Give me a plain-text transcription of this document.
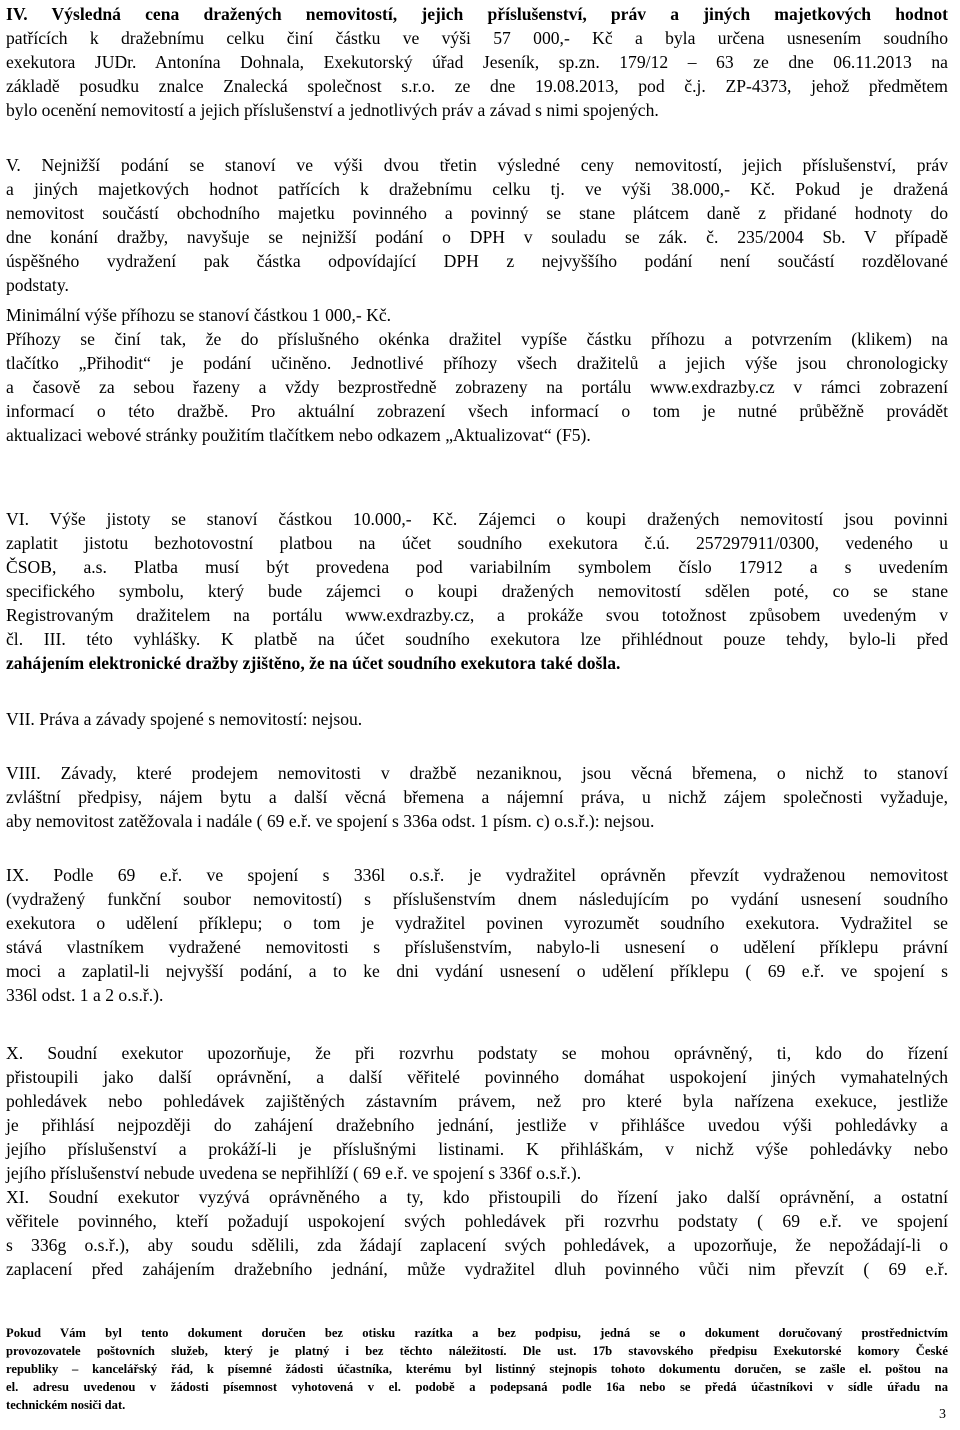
IV. Výsledná cena dražených nemovitostí, jejich příslušenství, práv a jiných majetkových hodnot
patřících k dražebnímu celku činí částku ve výši 57 000,- Kč a byla určena usnesením soudního
exekutora JUDr. Antonína Dohnala, Exekutorský úřad Jeseník, sp.zn. 179/12 – 63 ze dne 06.11.2013 na
základě posudku znalce Znalecká společnost s.r.o. ze dne 19.08.2013, pod č.j. ZP-4373, jehož předmětem
bylo ocenění nemovitostí a jejich příslušenství a jednotlivých práv a závad s nimi spojených.
V. Nejnižší podání se stanoví ve výši dvou třetin výsledné ceny nemovitostí, jejich příslušenství, práv
a jiných majetkových hodnot patřících k dražebnímu celku tj. ve výši 38.000,- Kč. Pokud je dražená
nemovitost součástí obchodního majetku povinného a povinný se stane plátcem daně z přidané hodnoty do
dne konání dražby, navyšuje se nejnižší podání o DPH v souladu se zák. č. 235/2004 Sb. V případě
úspěšného vydražení pak částka odpovídající DPH z nejvyššího podání není součástí rozdělované
podstaty.
Minimální výše příhozu se stanoví částkou 1 000,- Kč.
Příhozy se činí tak, že do příslušného okénka dražitel vypíše částku příhozu a potvrzením (klikem) na
tlačítko „Přihodit“ je podání učiněno. Jednotlivé příhozy všech dražitelů a jejich výše jsou chronologicky
a časově za sebou řazeny a vždy bezprostředně zobrazeny na portálu www.exdrazby.cz v rámci zobrazení
informací o této dražbě. Pro aktuální zobrazení všech informací o tom je nutné průběžně provádět
aktualizaci webové stránky použitím tlačítkem nebo odkazem „Aktualizovat“ (F5).
VI. Výše jistoty se stanoví částkou 10.000,- Kč. Zájemci o koupi dražených nemovitostí jsou povinni
zaplatit jistotu bezhotovostní platbou na účet soudního exekutora č.ú. 257297911/0300, vedeného u
ČSOB, a.s. Platba musí být provedena pod variabilním symbolem číslo 17912 a s uvedením
specifického symbolu, který bude zájemci o koupi dražených nemovitostí sdělen poté, co se stane
Registrovaným dražitelem na portálu www.exdrazby.cz, a prokáže svou totožnost způsobem uvedeným v
čl. III. této vyhlášky. K platbě na účet soudního exekutora lze přihlédnout pouze tehdy, bylo-li před
zahájením elektronické dražby zjištěno, že na účet soudního exekutora také došla.
VII. Práva a závady spojené s nemovitostí: nejsou.
VIII. Závady, které prodejem nemovitosti v dražbě nezaniknou, jsou věcná břemena, o nichž to stanoví
zvláštní předpisy, nájem bytu a další věcná břemena a nájemní práva, u nichž zájem společnosti vyžaduje,
aby nemovitost zatěžovala i nadále ( 69 e.ř. ve spojení s 336a odst. 1 písm. c) o.s.ř.): nejsou.
IX. Podle 69 e.ř. ve spojení s 336l o.s.ř. je vydražitel oprávněn převzít vydraženou nemovitost
(vydražený funkční soubor nemovitostí) s příslušenstvím dnem následujícím po vydání usnesení soudního
exekutora o udělení příklepu; o tom je vydražitel povinen vyrozumět soudního exekutora. Vydražitel se
stává vlastníkem vydražené nemovitosti s příslušenstvím, nabylo-li usnesení o udělení příklepu právní
moci a zaplatil-li nejvyšší podání, a to ke dni vydání usnesení o udělení příklepu ( 69 e.ř. ve spojení s
336l odst. 1 a 2 o.s.ř.).
X. Soudní exekutor upozorňuje, že při rozvrhu podstaty se mohou oprávněný, ti, kdo do řízení
přistoupili jako další oprávnění, a další věřitelé povinného domáhat uspokojení jiných vymahatelných
pohledávek nebo pohledávek zajištěných zástavním právem, než pro které byla nařízena exekuce, jestliže
je přihlásí nejpozději do zahájení dražebního jednání, jestliže v přihlášce uvedou výši pohledávky a
jejího příslušenství a prokáží-li je příslušnými listinami. K přihláškám, v nichž výše pohledávky nebo
jejího příslušenství nebude uvedena se nepřihlíží ( 69 e.ř. ve spojení s 336f o.s.ř.).
XI. Soudní exekutor vyzývá oprávněného a ty, kdo přistoupili do řízení jako další oprávnění, a ostatní
věřitele povinného, kteří požadují uspokojení svých pohledávek při rozvrhu podstaty ( 69 e.ř. ve spojení
s 336g o.s.ř.), aby soudu sdělili, zda žádají zaplacení svých pohledávek, a upozorňuje, že nepožádají-li o
zaplacení před zahájením dražebního jednání, může vydražitel dluh povinného vůči nim převzít ( 69 e.ř.
Pokud Vám byl tento dokument doručen bez otisku razítka a bez podpisu, jedná se o dokument doručovaný prostřednictvím
provozovatele poštovních služeb, který je platný i bez těchto náležitostí. Dle ust. 17b stavovského předpisu Exekutorské komory České
republiky – kancelářský řád, k písemné žádosti účastníka, kterému byl listinný stejnopis tohoto dokumentu doručen, se zašle el. poštou na
el. adresu uvedenou v žádosti písemnost vyhotovená v el. podobě a podepsaná podle 16a nebo se předá účastníkovi v sídle úřadu na
technickém nosiči dat.
3
